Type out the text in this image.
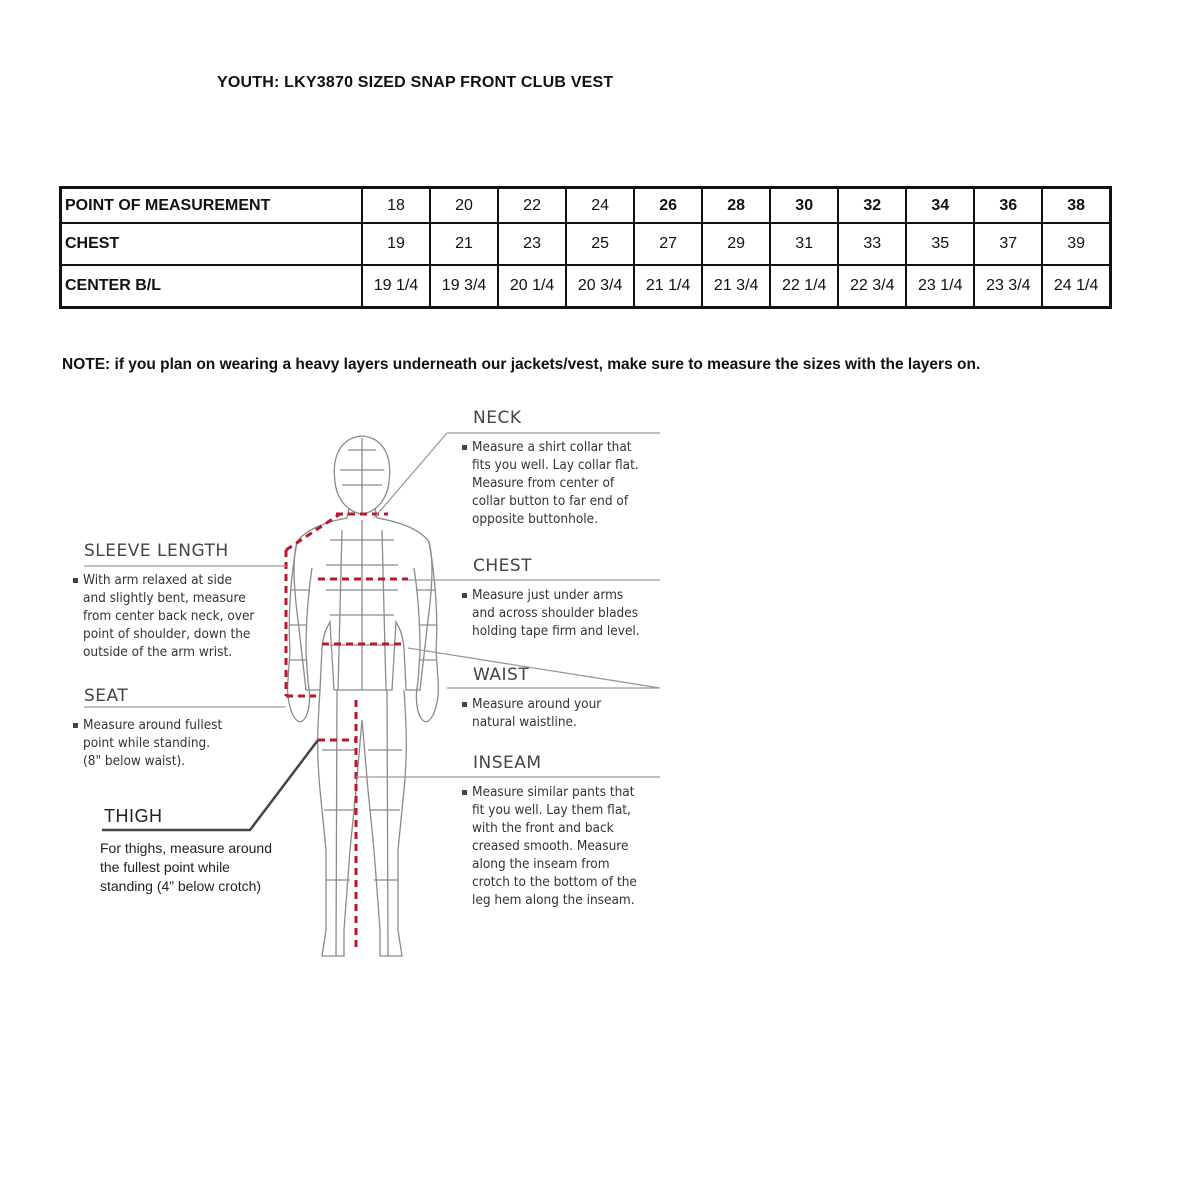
YOUTH: LKY3870 SIZED SNAP FRONT CLUB VEST
POINT OF MEASUREMENT	18	20	22	24	26	28	30	32	34	36	38
CHEST	19	21	23	25	27	29	31	33	35	37	39
CENTER B/L	19 1/4	19 3/4	20 1/4	20 3/4	21 1/4	21 3/4	22 1/4	22 3/4	23 1/4	23 3/4	24 1/4
NOTE: if you plan on wearing a heavy layers underneath our jackets/vest, make sure to measure the sizes with the layers on.
NECK
Measure a shirt collar that
fits you well. Lay collar flat.
Measure from center of
collar button to far end of
opposite buttonhole.
CHEST
Measure just under arms
and across shoulder blades
holding tape firm and level.
WAIST
Measure around your
natural waistline.
INSEAM
Measure similar pants that
fit you well. Lay them flat,
with the front and back
creased smooth. Measure
along the inseam from
crotch to the bottom of the
leg hem along the inseam.
SLEEVE LENGTH
With arm relaxed at side
and slightly bent, measure
from center back neck, over
point of shoulder, down the
outside of the arm wrist.
SEAT
Measure around fullest
point while standing.
(8" below waist).
THIGH
For thighs, measure around
the fullest point while
standing (4” below crotch)
